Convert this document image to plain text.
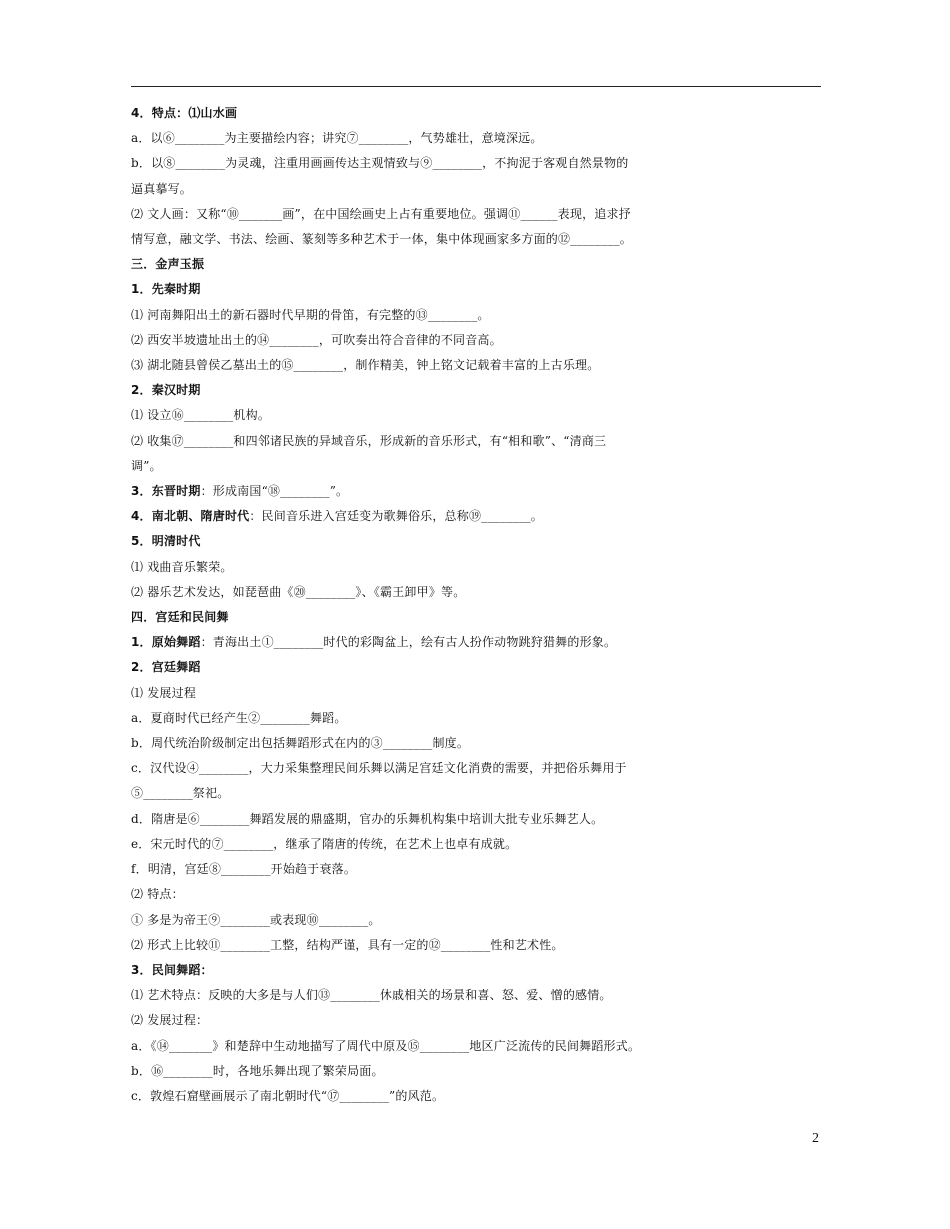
4．特点：⑴山水画
a．以⑥________为主要描绘内容；讲究⑦________，气势雄壮，意境深远。
b．以⑧________为灵魂，注重用画画传达主观情致与⑨________，不拘泥于客观自然景物的
逼真摹写。
⑵ 文人画：又称“⑩_______画”，在中国绘画史上占有重要地位。强调⑪______表现，追求抒
情写意，融文学、书法、绘画、篆刻等多种艺术于一体，集中体现画家多方面的⑫________。
三．金声玉振
1．先秦时期
⑴ 河南舞阳出土的新石器时代早期的骨笛，有完整的⑬________。
⑵ 西安半坡遗址出土的⑭________，可吹奏出符合音律的不同音高。
⑶ 湖北随县曾侯乙墓出土的⑮________，制作精美，钟上铭文记载着丰富的上古乐理。
2．秦汉时期
⑴ 设立⑯________机构。
⑵ 收集⑰________和四邻诸民族的异域音乐，形成新的音乐形式，有“相和歌”、“清商三
调”。
3．东晋时期：形成南国“⑱________”。
4．南北朝、隋唐时代：民间音乐进入宫廷变为歌舞俗乐，总称⑲________。
5．明清时代
⑴ 戏曲音乐繁荣。
⑵ 器乐艺术发达，如琵琶曲《⑳________》、《霸王卸甲》等。
四．宫廷和民间舞
1．原始舞蹈：青海出土①________时代的彩陶盆上，绘有古人扮作动物跳狩猎舞的形象。
2．宫廷舞蹈
⑴ 发展过程
a．夏商时代已经产生②________舞蹈。
b．周代统治阶级制定出包括舞蹈形式在内的③________制度。
c．汉代设④________，大力采集整理民间乐舞以满足宫廷文化消费的需要，并把俗乐舞用于
⑤________祭祀。
d．隋唐是⑥________舞蹈发展的鼎盛期，官办的乐舞机构集中培训大批专业乐舞艺人。
e．宋元时代的⑦________，继承了隋唐的传统，在艺术上也卓有成就。
f．明清，宫廷⑧________开始趋于衰落。
⑵ 特点：
① 多是为帝王⑨________或表现⑩________。
⑵ 形式上比较⑪________工整，结构严谨，具有一定的⑫________性和艺术性。
3．民间舞蹈：
⑴ 艺术特点：反映的大多是与人们⑬________休戚相关的场景和喜、怒、爱、憎的感情。
⑵ 发展过程：
a．《⑭_______》和楚辞中生动地描写了周代中原及⑮________地区广泛流传的民间舞蹈形式。
b．⑯________时，各地乐舞出现了繁荣局面。
c．敦煌石窟壁画展示了南北朝时代“⑰________”的风范。
2
